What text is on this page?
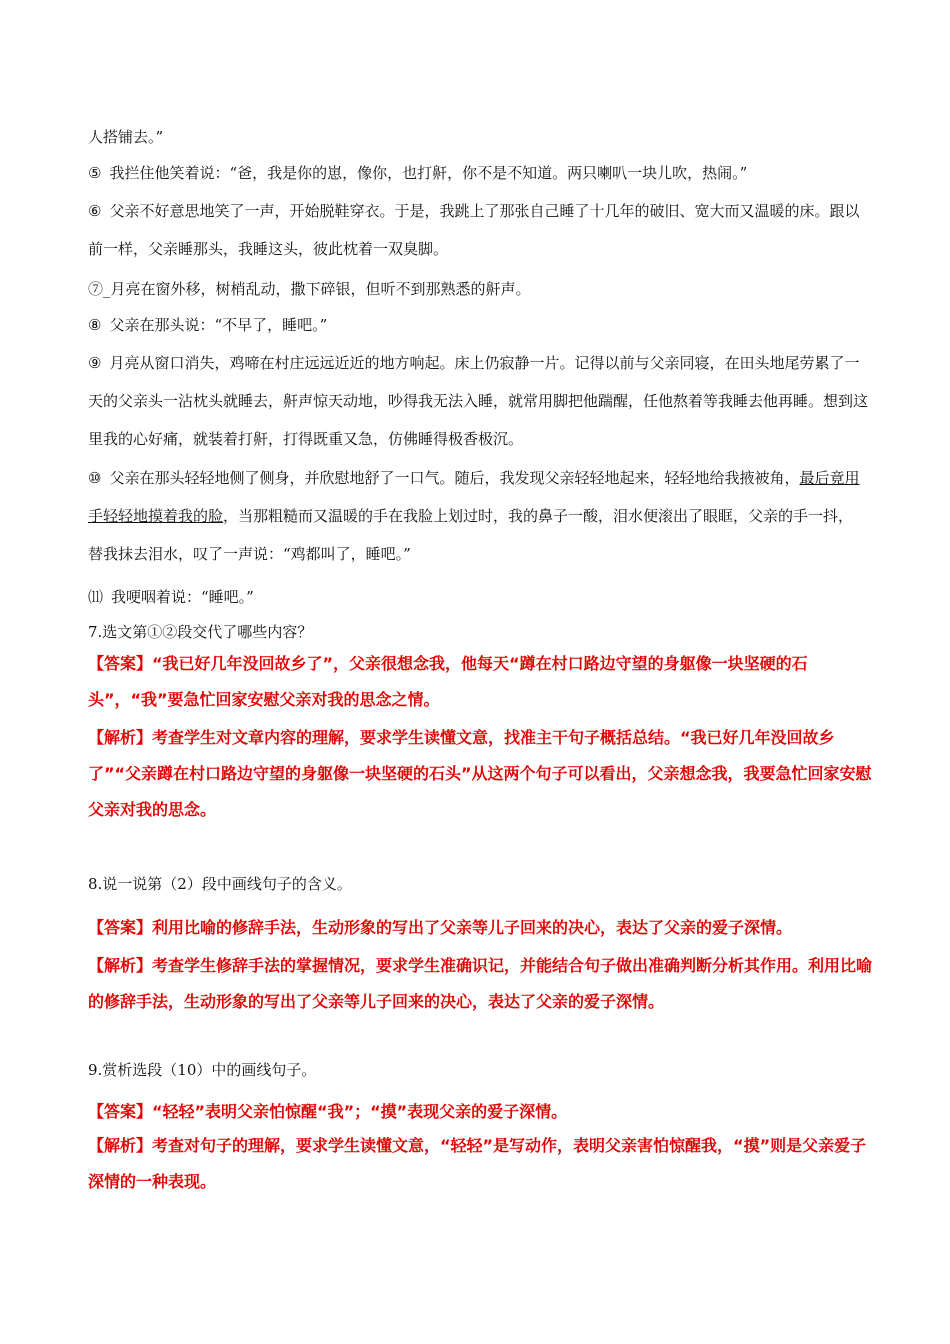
人搭铺去。”

⑤ 我拦住他笑着说：“爸，我是你的崽，像你，也打鼾，你不是不知道。两只喇叭一块儿吹，热闹。”

⑥ 父亲不好意思地笑了一声，开始脱鞋穿衣。于是，我跳上了那张自己睡了十几年的破旧、宽大而又温暖的床。跟以前一样，父亲睡那头，我睡这头，彼此枕着一双臭脚。

⑦_月亮在窗外移，树梢乱动，撒下碎银，但听不到那熟悉的鼾声。

⑧ 父亲在那头说：“不早了，睡吧。”

⑨ 月亮从窗口消失，鸡啼在村庄远远近近的地方响起。床上仍寂静一片。记得以前与父亲同寝，在田头地尾劳累了一天的父亲头一沾枕头就睡去，鼾声惊天动地，吵得我无法入睡，就常用脚把他踹醒，任他熬着等我睡去他再睡。想到这里我的心好痛，就装着打鼾，打得既重又急，仿佛睡得极香极沉。

⑩ 父亲在那头轻轻地侧了侧身，并欣慰地舒了一口气。随后，我发现父亲轻轻地起来，轻轻地给我掖被角，最后竟用手轻轻地摸着我的脸，当那粗糙而又温暖的手在我脸上划过时，我的鼻子一酸，泪水便滚出了眼眶，父亲的手一抖，替我抹去泪水，叹了一声说：“鸡都叫了，睡吧。”

⑾ 我哽咽着说：“睡吧。”

7.选文第①②段交代了哪些内容？

【答案】“我已好几年没回故乡了”，父亲很想念我，他每天“蹲在村口路边守望的身躯像一块坚硬的石头”，“我”要急忙回家安慰父亲对我的思念之情。

【解析】考查学生对文章内容的理解，要求学生读懂文意，找准主干句子概括总结。“我已好几年没回故乡了”“父亲蹲在村口路边守望的身躯像一块坚硬的石头”从这两个句子可以看出，父亲想念我，我要急忙回家安慰父亲对我的思念。

8.说一说第（2）段中画线句子的含义。

【答案】利用比喻的修辞手法，生动形象的写出了父亲等儿子回来的决心，表达了父亲的爱子深情。

【解析】考查学生修辞手法的掌握情况，要求学生准确识记，并能结合句子做出准确判断分析其作用。利用比喻的修辞手法，生动形象的写出了父亲等儿子回来的决心，表达了父亲的爱子深情。

9.赏析选段（10）中的画线句子。

【答案】“轻轻”表明父亲怕惊醒“我”；“摸”表现父亲的爱子深情。

【解析】考查对句子的理解，要求学生读懂文意，“轻轻”是写动作，表明父亲害怕惊醒我，“摸”则是父亲爱子深情的一种表现。
